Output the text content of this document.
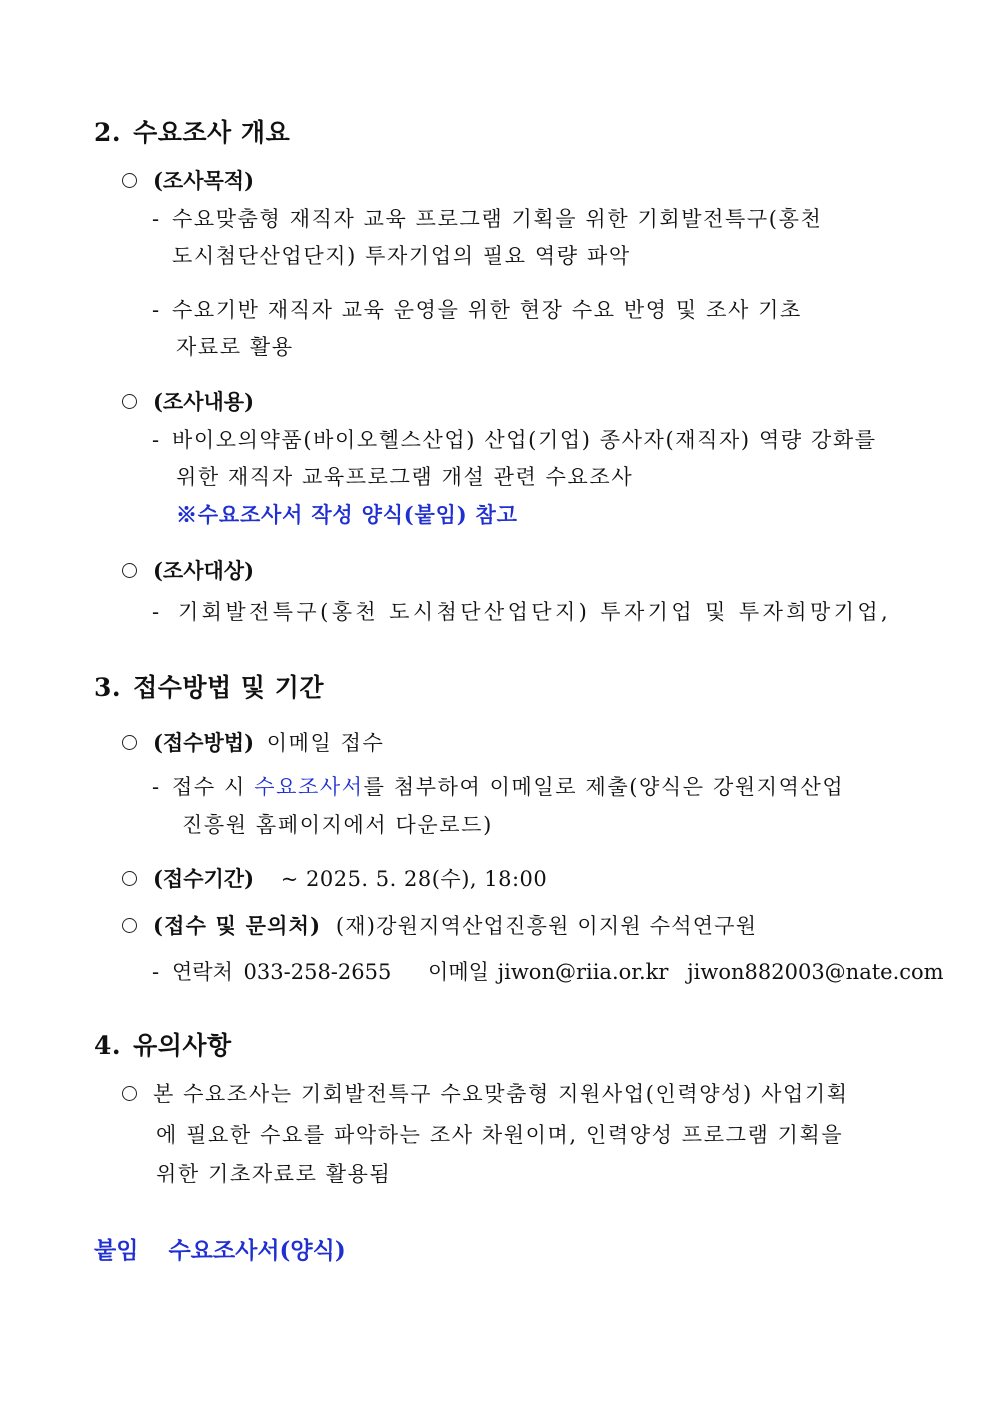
2. 수요조사 개요
(조사목적)
- 수요맞춤형 재직자 교육 프로그램 기획을 위한 기회발전특구(홍천
도시첨단산업단지) 투자기업의 필요 역량 파악
- 수요기반 재직자 교육 운영을 위한 현장 수요 반영 및 조사 기초
자료로 활용
(조사내용)
- 바이오의약품(바이오헬스산업) 산업(기업) 종사자(재직자) 역량 강화를
위한 재직자 교육프로그램 개설 관련 수요조사
※수요조사서 작성 양식(붙임) 참고
(조사대상)
- 기회발전특구(홍천 도시첨단산업단지) 투자기업 및 투자희망기업,
3. 접수방법 및 기간
(접수방법) 이메일 접수
- 접수 시 수요조사서를 첨부하여 이메일로 제출(양식은 강원지역산업
진흥원 홈페이지에서 다운로드)
(접수기간) ~ 2025. 5. 28(수), 18:00
(접수 및 문의처) (재)강원지역산업진흥원 이지원 수석연구원
- 연락처 033-258-2655 이메일 jiwon@riia.or.kr jiwon882003@nate.com
4. 유의사항
본 수요조사는 기회발전특구 수요맞춤형 지원사업(인력양성) 사업기획
에 필요한 수요를 파악하는 조사 차원이며, 인력양성 프로그램 기획을
위한 기초자료로 활용됨
붙임 수요조사서(양식)
